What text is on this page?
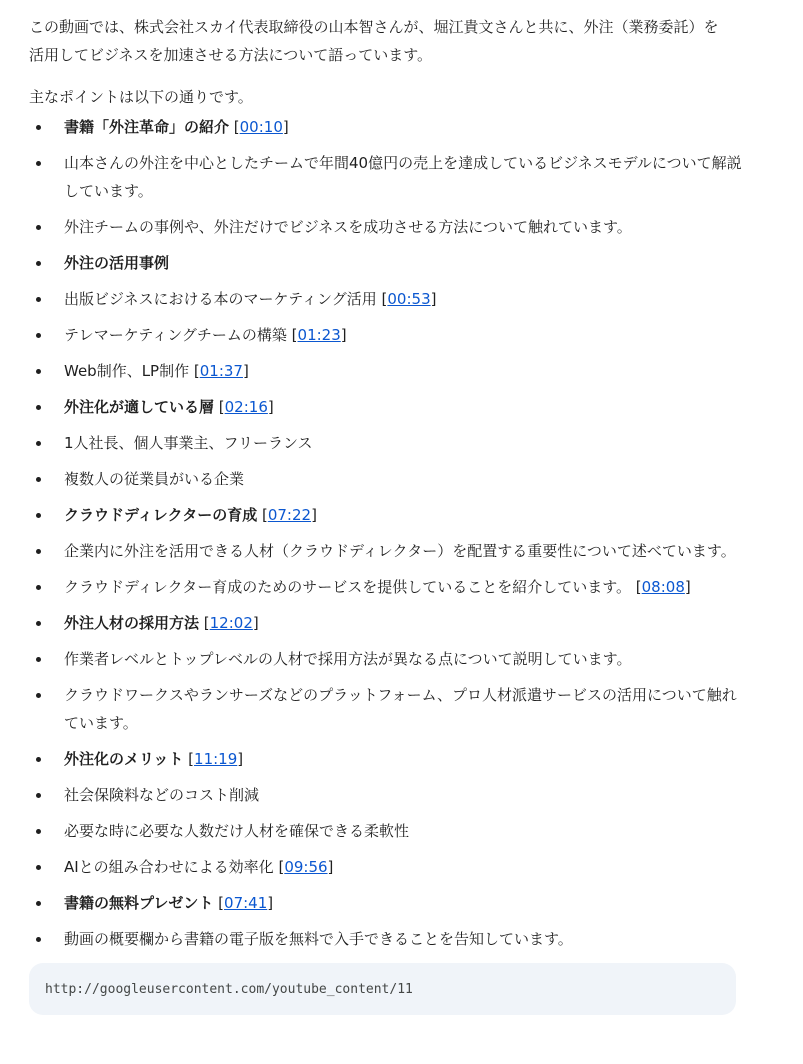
この動画では、株式会社スカイ代表取締役の山本智さんが、堀江貴文さんと共に、外注（業務委託）を活用してビジネスを加速させる方法について語っています。

主なポイントは以下の通りです。

書籍「外注革命」の紹介 [00:10]
山本さんの外注を中心としたチームで年間40億円の売上を達成しているビジネスモデルについて解説しています。
外注チームの事例や、外注だけでビジネスを成功させる方法について触れています。
外注の活用事例
出版ビジネスにおける本のマーケティング活用 [00:53]
テレマーケティングチームの構築 [01:23]
Web制作、LP制作 [01:37]
外注化が適している層 [02:16]
1人社長、個人事業主、フリーランス
複数人の従業員がいる企業
クラウドディレクターの育成 [07:22]
企業内に外注を活用できる人材（クラウドディレクター）を配置する重要性について述べています。
クラウドディレクター育成のためのサービスを提供していることを紹介しています。 [08:08]
外注人材の採用方法 [12:02]
作業者レベルとトップレベルの人材で採用方法が異なる点について説明しています。
クラウドワークスやランサーズなどのプラットフォーム、プロ人材派遣サービスの活用について触れています。
外注化のメリット [11:19]
社会保険料などのコスト削減
必要な時に必要な人数だけ人材を確保できる柔軟性
AIとの組み合わせによる効率化 [09:56]
書籍の無料プレゼント [07:41]
動画の概要欄から書籍の電子版を無料で入手できることを告知しています。
http://googleusercontent.com/youtube_content/11
